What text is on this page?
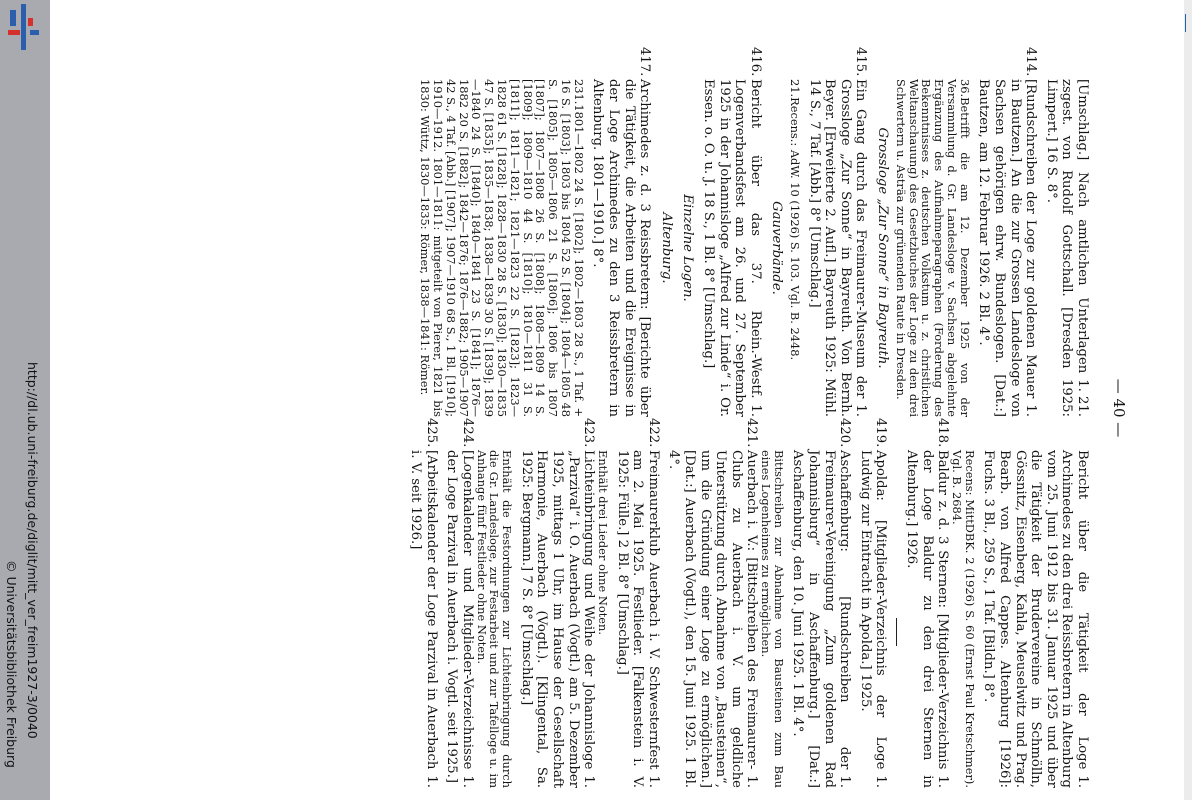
http://dl.ub.uni-freiburg.de/diglit/mitt_ver_freim1927-3/0040
© Universitätsbibliothek Freiburg
— 40 —
1. 21.
[Umschlag.] Nach amtlichen Unterlagen zsgest. von Rudolf Gottschall. [Dresden 1925: Limpert.] 16 S. 8°.
414.
1.
[Rundschreiben der Loge zur goldenen Mauer in Bautzen.] An die zur Grossen Landesloge von Sachsen gehörigen ehrw. Bundeslogen. [Dat.:] Bautzen, am 12. Februar 1926. 2 Bl. 4°.
36.Betrifft die am 12. Dezember 1925 von der Versammlung d. Gr. Landesloge v. Sachsen abgelehnte Ergänzung des Aufnahmeparagraphen (Forderung des Bekenntnisses z. deutschen Volkstum u. z. christlichen Weltanschauung) des Gesetzbuches der Loge zu den drei Schwertern u. Asträa zur grünenden Raute in Dresden.
Grossloge „Zur Sonne“ in Bayreuth.
415.
1.
Ein Gang durch das Freimaurer-Museum der Grossloge „Zur Sonne“ in Bayreuth. Von Bernh. Beyer. [Erweiterte 2. Aufl.] Bayreuth 1925: Mühl. 14 S., 7 Taf. [Abb.] 8° [Umschlag.]
21.Recens.: AdW. 10 (1926) S. 103. Vgl. B. 2448.
Gauverbände.
416.
1.
Bericht über das 37. Rhein.-Westf. Logenverbandsfest am 26. und 27. September 1925 in der Johannisloge „Alfred zur Linde“ i. Or. Essen. o. O. u. J. 18 S., 1 Bl. 8° [Umschlag.]
Einzelne Logen.
Altenburg.
417.
Archimedes z. d. 3 Reissbretern: [Berichte über die Tätigkeit, die Arbeiten und die Ereignisse in der Loge Archimedes zu den 3 Reissbretern in Altenburg. 1801—1910.] 8°.
231.1801—1802 24 S. [1802]; 1802—1803 28 S., 1 Taf. + 16 S. [1803]; 1803 bis 1804 52 S. [1804]; 1804—1805 48 S. [1805]; 1805—1806 21 S. [1806]; 1806 bis 1807 [1807]; 1807—1808 26 S. [1808]; 1808—1809 14 S. [1809]; 1809—1810 44 S. [1810]; 1810—1811 31 S. [1811]; 1811—1821; 1821—1823 22 S. [1823]; 1823—1828 61 S. [1828]; 1828—1830 28 S. [1830]; 1830—1835 47 S. [1835]; 1835—1838; 1838—1839 30 S. [1839]; 1839—1840 24 S. [1840]; 1840—1841 23 S. [1841]; 1876—1882 20 S. [1882]; 1842—1876; 1876—1882; 1905—1907 42 S., 4 Taf. [Abb.] [1907]; 1907—1910 68 S., 1 Bl. [1910]; 1910—1912. 1801—1811: mitgeteilt von Pierer, 1821 bis 1830: Wüttz, 1830—1835: Römer, 1838—1841: Römer.
1.
Bericht über die Tätigkeit der Loge Archimedes zu den drei Reissbretern in Altenburg vom 25. Juni 1912 bis 31. Januar 1925 und über die Tätigkeit der Brudervereine in Schmölln, Gössnitz, Eisenberg, Kahla, Meuselwitz und Prag. Bearb. von Alfred Cappes. Altenburg [1926]: Fuchs. 3 Bl., 259 S., 1 Taf. [Bildn.] 8°.
Recens: MittDBK. 2 (1926) S. 60 (Ernst Paul Kretschmer). Vgl. B. 2684.
418.
1.
Baldur z. d. 3 Sternen: [Mitglieder-Verzeichnis der Loge Baldur zu den drei Sternen in Altenburg.] 1926.
419.
1.
Apolda: [Mitglieder-Verzeichnis der Loge Ludwig zur Eintracht in Apolda.] 1925.
420.
1.
Aschaffenburg: [Rundschreiben der Freimaurer-Vereinigung „Zum goldenen Rad Johannisburg“ in Aschaffenburg.] [Dat.:] Aschaffenburg, den 10. Juni 1925. 1 Bl. 4°.
Bittschreiben zur Abnahme von Bausteinen zum Bau eines Logenheimes zu ermöglichen.
421.
1.
Auerbach i. V.: [Bittschreiben des Freimaurer-Clubs zu Auerbach i. V. um geldliche Unterstützung durch Abnahme von „Bausteinen“, um die Gründung einer Loge zu ermöglichen.] [Dat.:] Auerbach (Vogtl.), den 15. Juni 1925. 1 Bl. 4°.
422.
1.
Freimaurerklub Auerbach i. V. Schwesternfest am 2. Mai 1925. Festlieder. [Falkenstein i. V. 1925: Fülle.] 2 Bl. 8° [Umschlag.]
Enthält drei Lieder ohne Noten.
423.
1.
Lichteinbringung und Weihe der Johannisloge „Parzival“ i. O. Auerbach (Vogtl.) am 5. Dezember 1925, mittags 1 Uhr, im Hause der Gesellschaft Harmonie, Auerbach (Vogtl.). [Klingental, Sa. 1925: Bergmann.] 7 S. 8° [Umschlag.]
Enthält die Festordnungen zur Lichteinbringung durch die Gr. Landesloge, zur Festarbeit und zur Tafelloge u. im Anhange fünf Festlieder ohne Noten.
424.
1.
[Logenkalender und Mitglieder-Verzeichnisse der Loge Parzival in Auerbach i. Vogtl. seit 1925.]
425.
1.
[Arbeitskalender der Loge Parzival in Auerbach i. V. seit 1926.]
